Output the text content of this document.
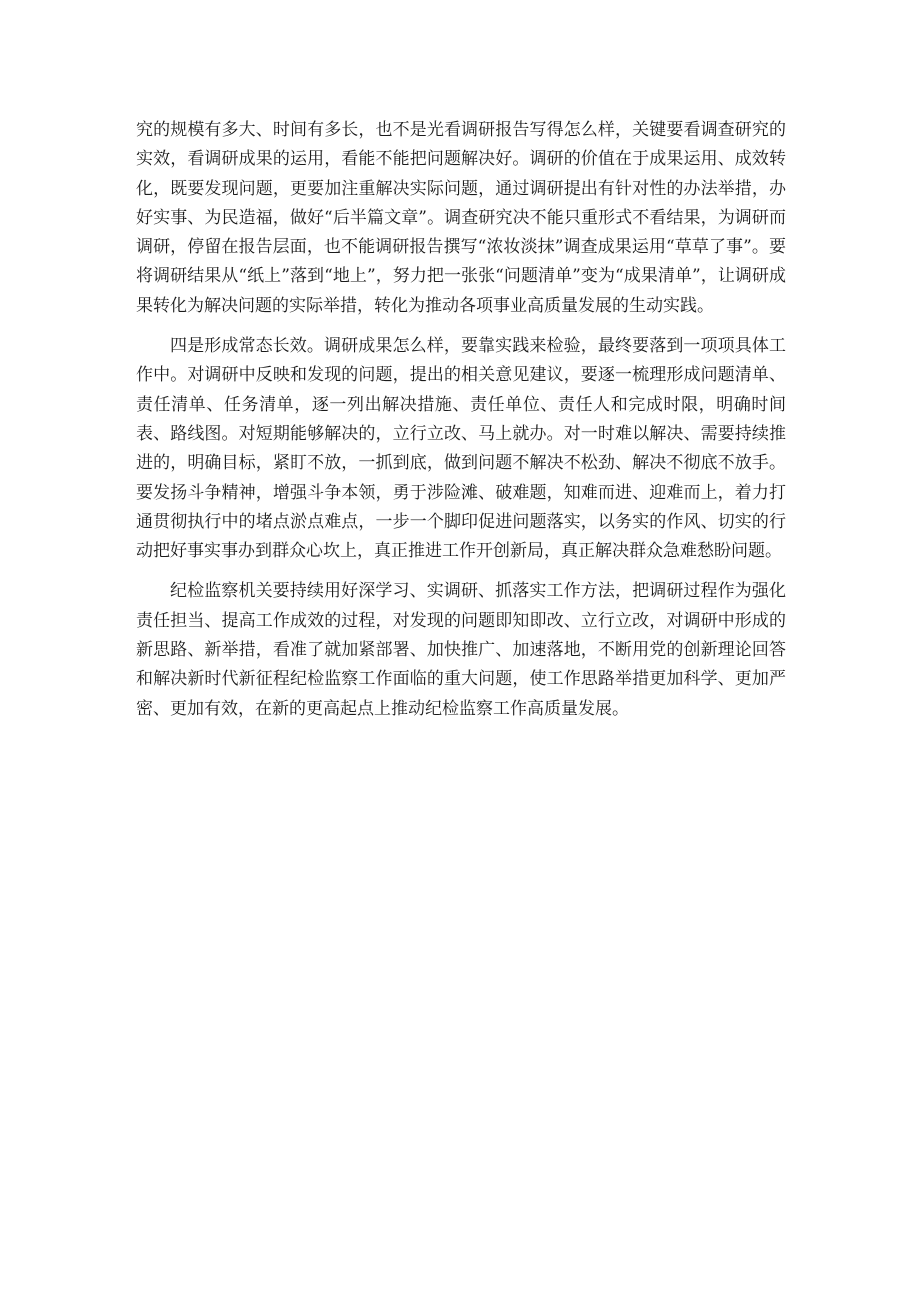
究的规模有多大、时间有多长，也不是光看调研报告写得怎么样，关键要看调查研究的实效，看调研成果的运用，看能不能把问题解决好。调研的价值在于成果运用、成效转化，既要发现问题，更要加注重解决实际问题，通过调研提出有针对性的办法举措，办好实事、为民造福，做好“后半篇文章”。调查研究决不能只重形式不看结果，为调研而调研，停留在报告层面，也不能调研报告撰写“浓妆淡抹”调查成果运用“草草了事”。要将调研结果从“纸上”落到“地上”，努力把一张张“问题清单”变为“成果清单”，让调研成果转化为解决问题的实际举措，转化为推动各项事业高质量发展的生动实践。

四是形成常态长效。调研成果怎么样，要靠实践来检验，最终要落到一项项具体工作中。对调研中反映和发现的问题，提出的相关意见建议，要逐一梳理形成问题清单、责任清单、任务清单，逐一列出解决措施、责任单位、责任人和完成时限，明确时间表、路线图。对短期能够解决的，立行立改、马上就办。对一时难以解决、需要持续推进的，明确目标，紧盯不放，一抓到底，做到问题不解决不松劲、解决不彻底不放手。要发扬斗争精神，增强斗争本领，勇于涉险滩、破难题，知难而进、迎难而上，着力打通贯彻执行中的堵点淤点难点，一步一个脚印促进问题落实，以务实的作风、切实的行动把好事实事办到群众心坎上，真正推进工作开创新局，真正解决群众急难愁盼问题。

纪检监察机关要持续用好深学习、实调研、抓落实工作方法，把调研过程作为强化责任担当、提高工作成效的过程，对发现的问题即知即改、立行立改，对调研中形成的新思路、新举措，看准了就加紧部署、加快推广、加速落地，不断用党的创新理论回答和解决新时代新征程纪检监察工作面临的重大问题，使工作思路举措更加科学、更加严密、更加有效，在新的更高起点上推动纪检监察工作高质量发展。
